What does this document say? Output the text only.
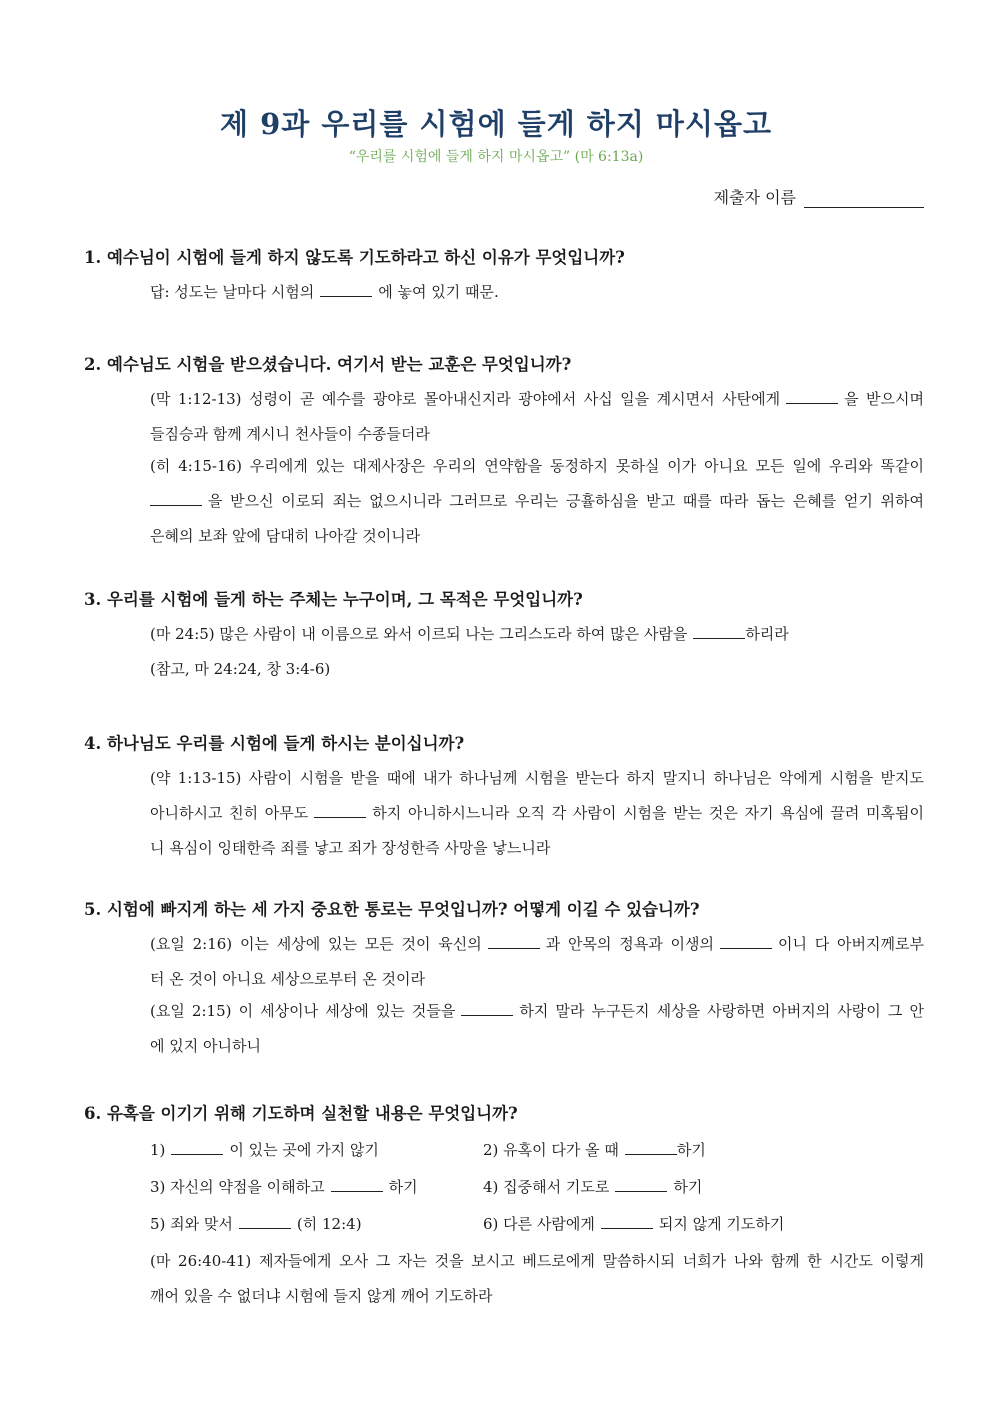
제 9과 우리를 시험에 들게 하지 마시옵고
“우리를 시험에 들게 하지 마시옵고” (마 6:13a)
제출자 이름
1. 예수님이 시험에 들게 하지 않도록 기도하라고 하신 이유가 무엇입니까?
답: 성도는 날마다 시험의	에 놓여 있기 때문.
2. 예수님도 시험을 받으셨습니다. 여기서 받는 교훈은 무엇입니까?
(막 1:12-13) 성령이 곧 예수를 광야로 몰아내신지라 광야에서 사십 일을 계시면서 사탄에게	을 받으시며
들짐승과 함께 계시니 천사들이 수종들더라
(히 4:15-16) 우리에게 있는 대제사장은 우리의 연약함을 동정하지 못하실 이가 아니요 모든 일에 우리와 똑같이
을 받으신 이로되 죄는 없으시니라 그러므로 우리는 긍휼하심을 받고 때를 따라 돕는 은혜를 얻기 위하여
은혜의 보좌 앞에 담대히 나아갈 것이니라
3. 우리를 시험에 들게 하는 주체는 누구이며, 그 목적은 무엇입니까?
(마 24:5) 많은 사람이 내 이름으로 와서 이르되 나는 그리스도라 하여 많은 사람을	하리라
(참고, 마 24:24, 창 3:4-6)
4. 하나님도 우리를 시험에 들게 하시는 분이십니까?
(약 1:13-15) 사람이 시험을 받을 때에 내가 하나님께 시험을 받는다 하지 말지니 하나님은 악에게 시험을 받지도
아니하시고 친히 아무도	하지 아니하시느니라 오직 각 사람이 시험을 받는 것은 자기 욕심에 끌려 미혹됨이
니 욕심이 잉태한즉 죄를 낳고 죄가 장성한즉 사망을 낳느니라
5. 시험에 빠지게 하는 세 가지 중요한 통로는 무엇입니까? 어떻게 이길 수 있습니까?
(요일 2:16) 이는 세상에 있는 모든 것이 육신의	과 안목의 정욕과 이생의	이니 다 아버지께로부
터 온 것이 아니요 세상으로부터 온 것이라
(요일 2:15) 이 세상이나 세상에 있는 것들을	하지 말라 누구든지 세상을 사랑하면 아버지의 사랑이 그 안
에 있지 아니하니
6. 유혹을 이기기 위해 기도하며 실천할 내용은 무엇입니까?
1)	이 있는 곳에 가지 않기	2) 유혹이 다가 올 때	하기
3) 자신의 약점을 이해하고	하기	4) 집중해서 기도로	하기
5) 죄와 맞서	(히 12:4)	6) 다른 사람에게	되지 않게 기도하기
(마 26:40-41) 제자들에게 오사 그 자는 것을 보시고 베드로에게 말씀하시되 너희가 나와 함께 한 시간도 이렇게
깨어 있을 수 없더냐 시험에 들지 않게 깨어 기도하라
